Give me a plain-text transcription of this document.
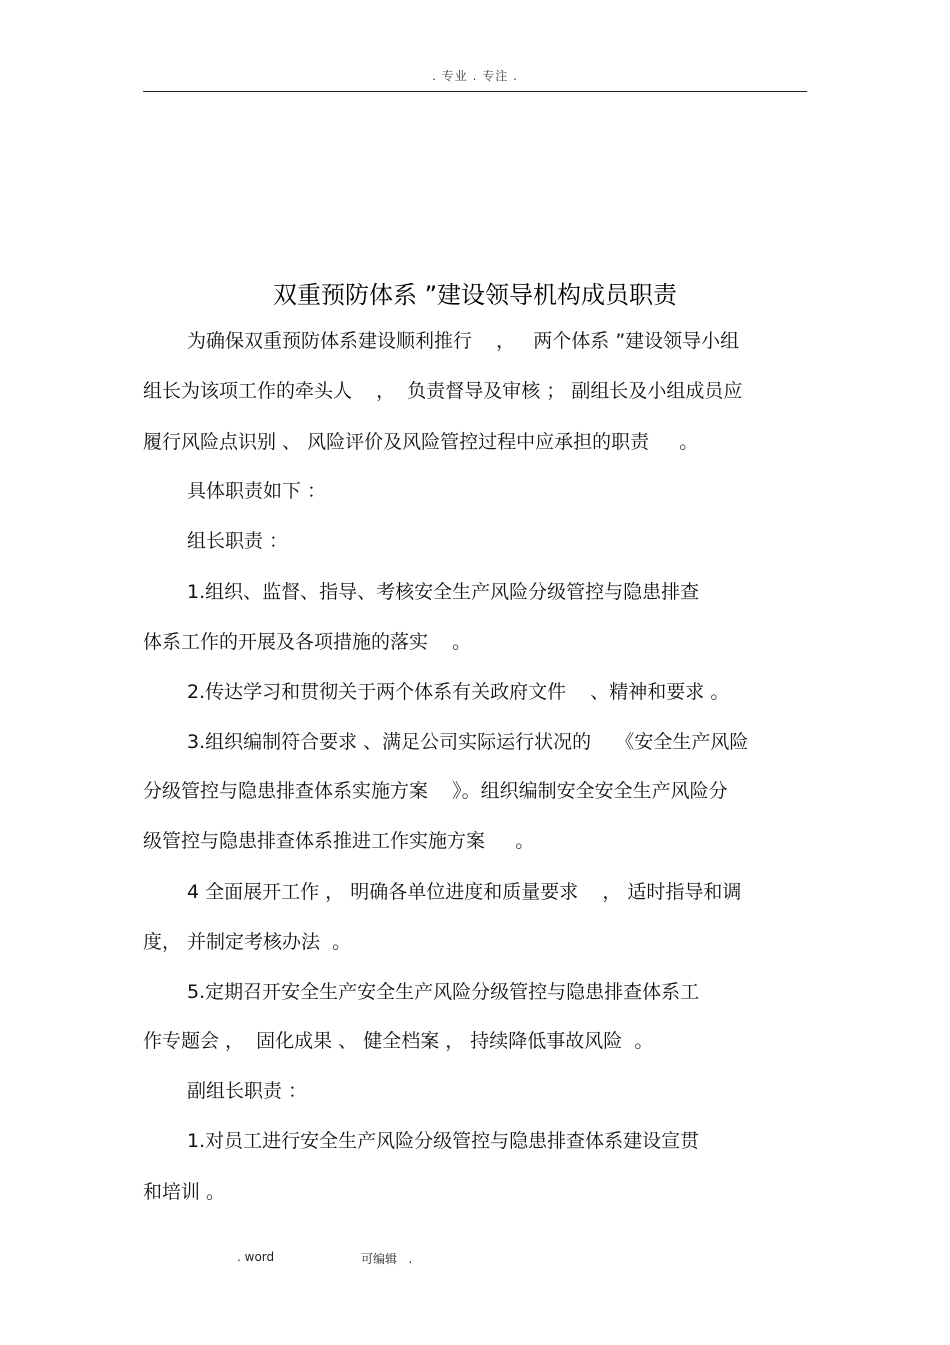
. 专业 . 专注 .
双重预防体系 ”建设领导机构成员职责
为确保双重预防体系建设顺利推行    ，   两个体系 ”建设领导小组
组长为该项工作的牵头人    ，  负责督导及审核 ； 副组长及小组成员应
履行风险点识别 、 风险评价及风险管控过程中应承担的职责     。
具体职责如下 ：
组长职责 ：
1.组织、监督、指导、考核安全生产风险分级管控与隐患排查
体系工作的开展及各项措施的落实    。
2.传达学习和贯彻关于两个体系有关政府文件    、精神和要求 。
3.组织编制符合要求 、满足公司实际运行状况的    《安全生产风险
分级管控与隐患排查体系实施方案    》。组织编制安全安全生产风险分
级管控与隐患排查体系推进工作实施方案     。
4 全面展开工作 ， 明确各单位进度和质量要求    ， 适时指导和调
度， 并制定考核办法  。
5.定期召开安全生产安全生产风险分级管控与隐患排查体系工
作专题会 ，  固化成果 、 健全档案 ， 持续降低事故风险  。
副组长职责 ：
1.对员工进行安全生产风险分级管控与隐患排查体系建设宣贯
和培训 。
. word	可编辑   .
